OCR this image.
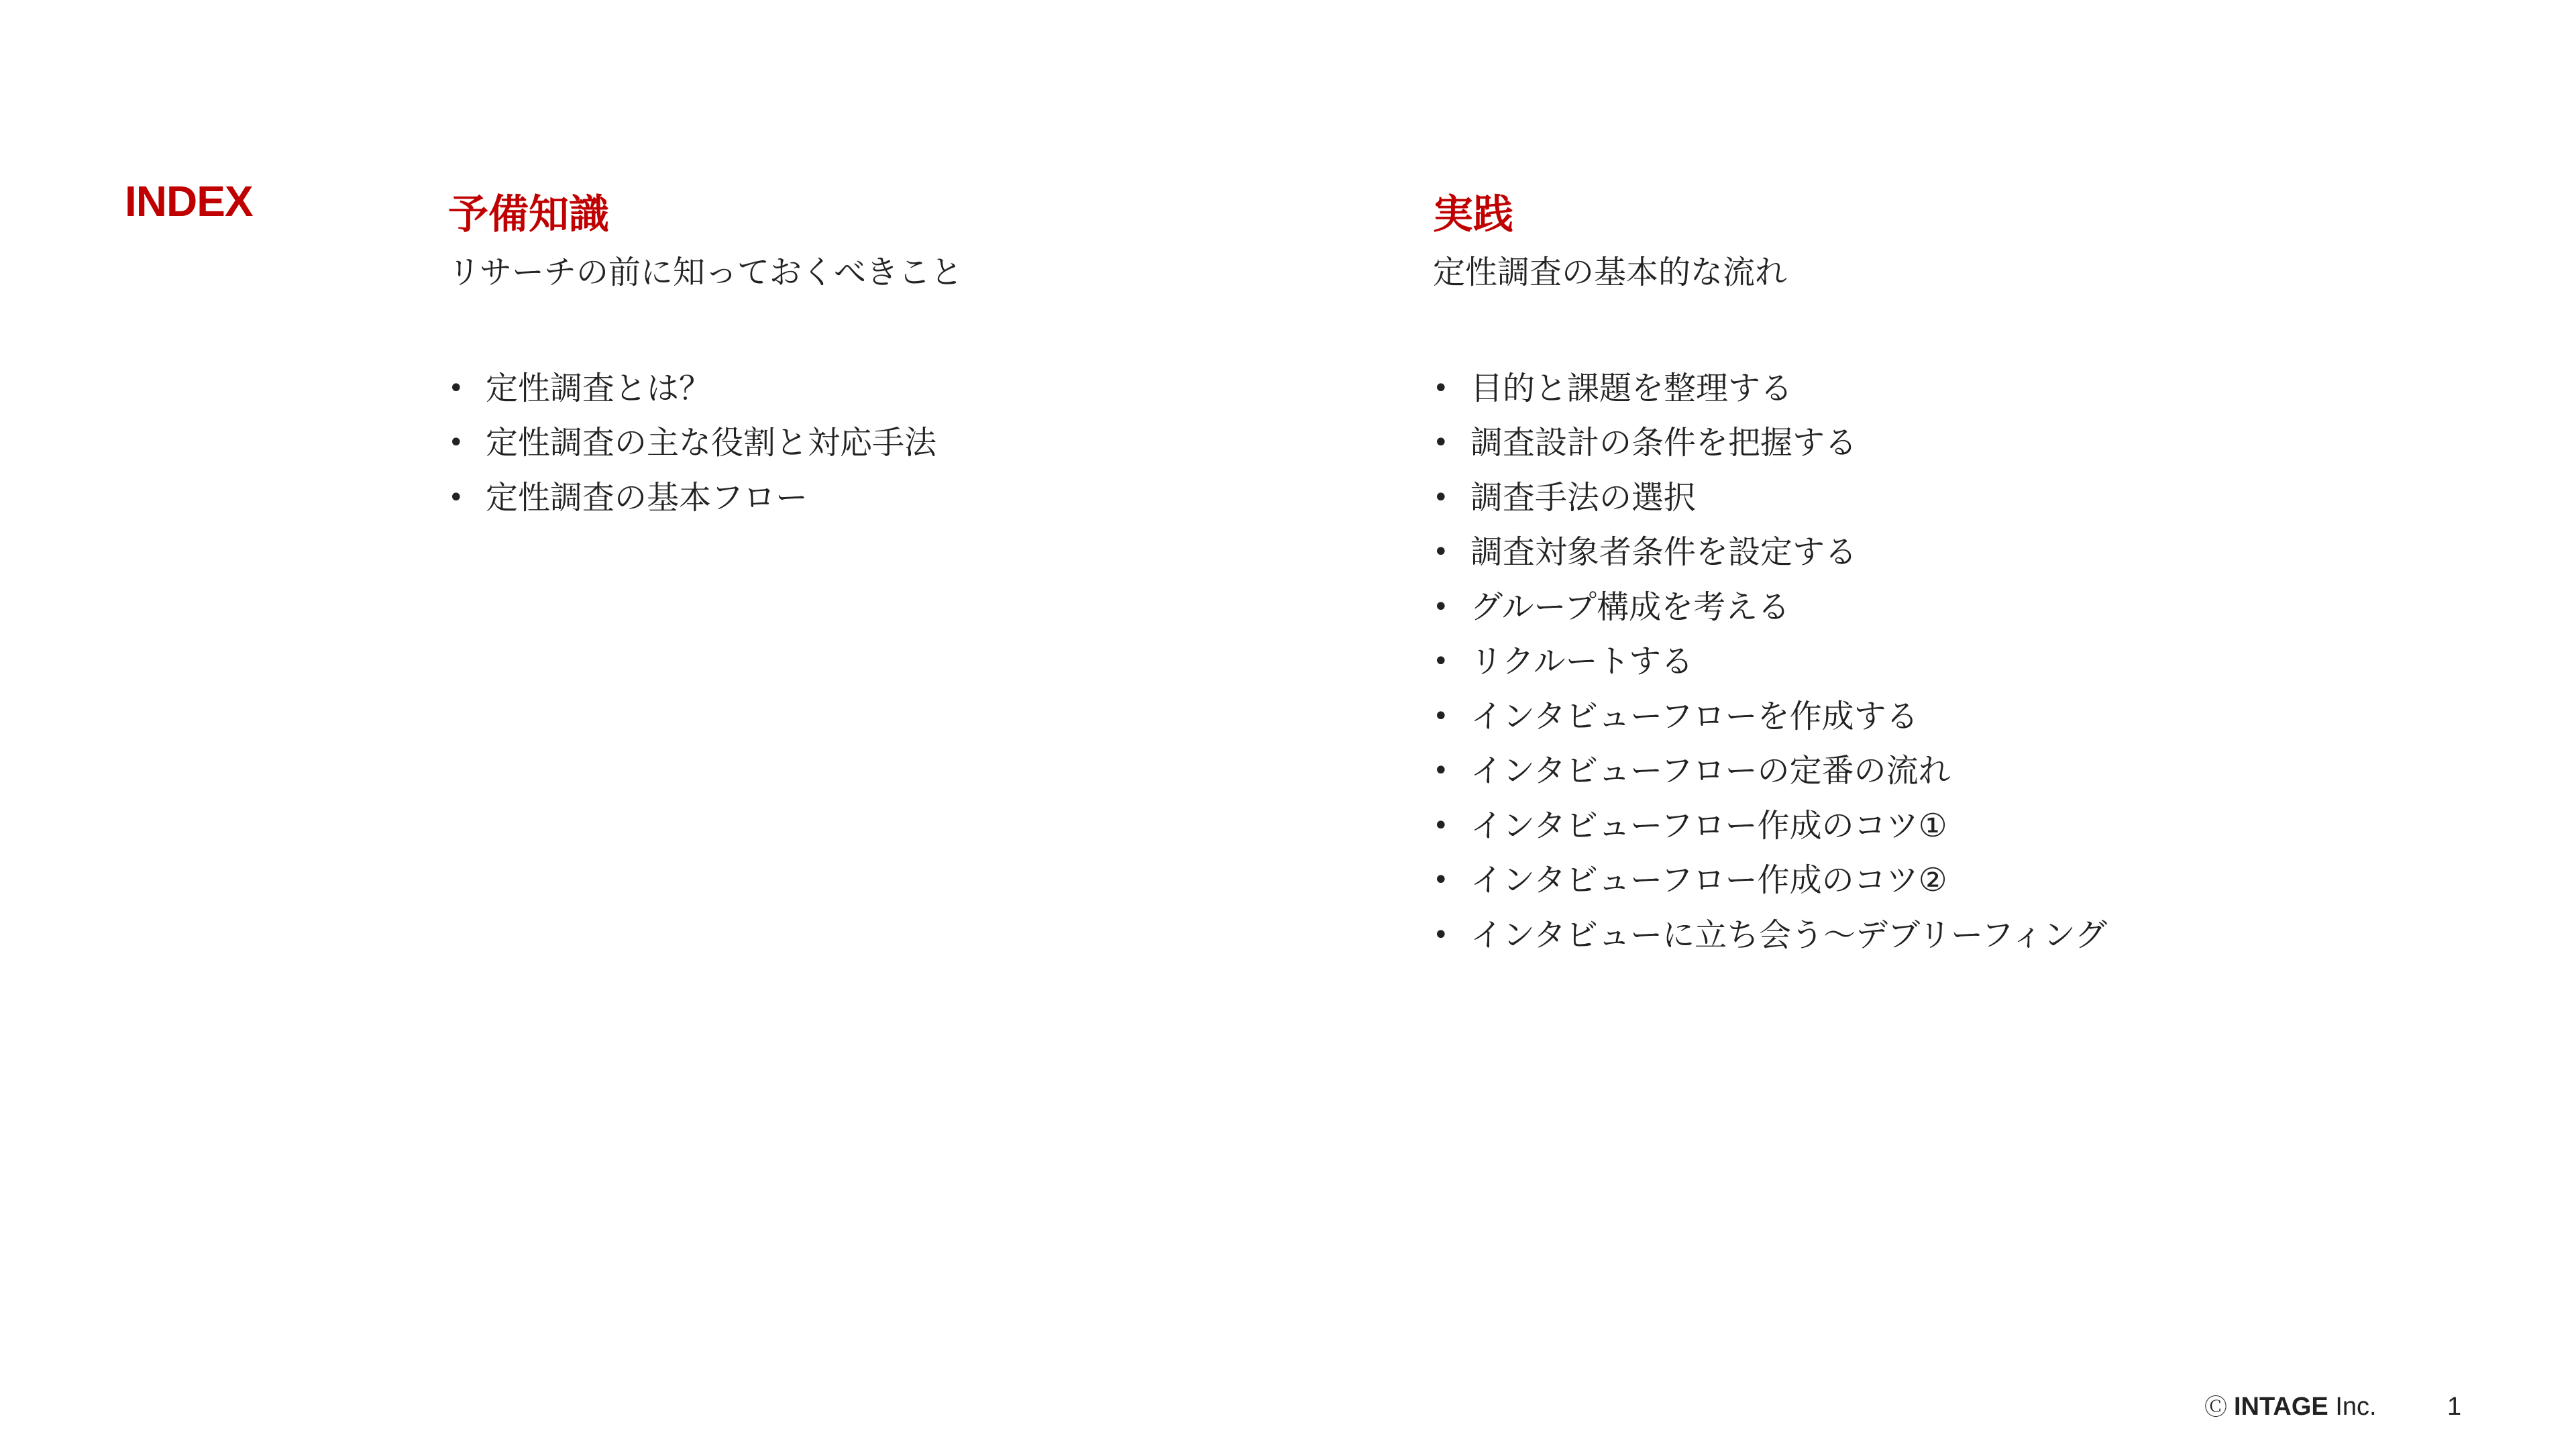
INDEX	予備知識
リサーチの前に知っておくべきこと
• 定性調査とは？
• 定性調査の主な役割と対応手法
• 定性調査の基本フロー
実践
定性調査の基本的な流れ
• 目的と課題を整理する
• 調査設計の条件を把握する
• 調査手法の選択
• 調査対象者条件を設定する
• グループ構成を考える
• リクルートする
• インタビューフローを作成する
• インタビューフローの定番の流れ
• インタビューフロー作成のコツ①
• インタビューフロー作成のコツ②
• インタビューに立ち会う～デブリーフィング
Ⓒ INTAGE Inc.	1
